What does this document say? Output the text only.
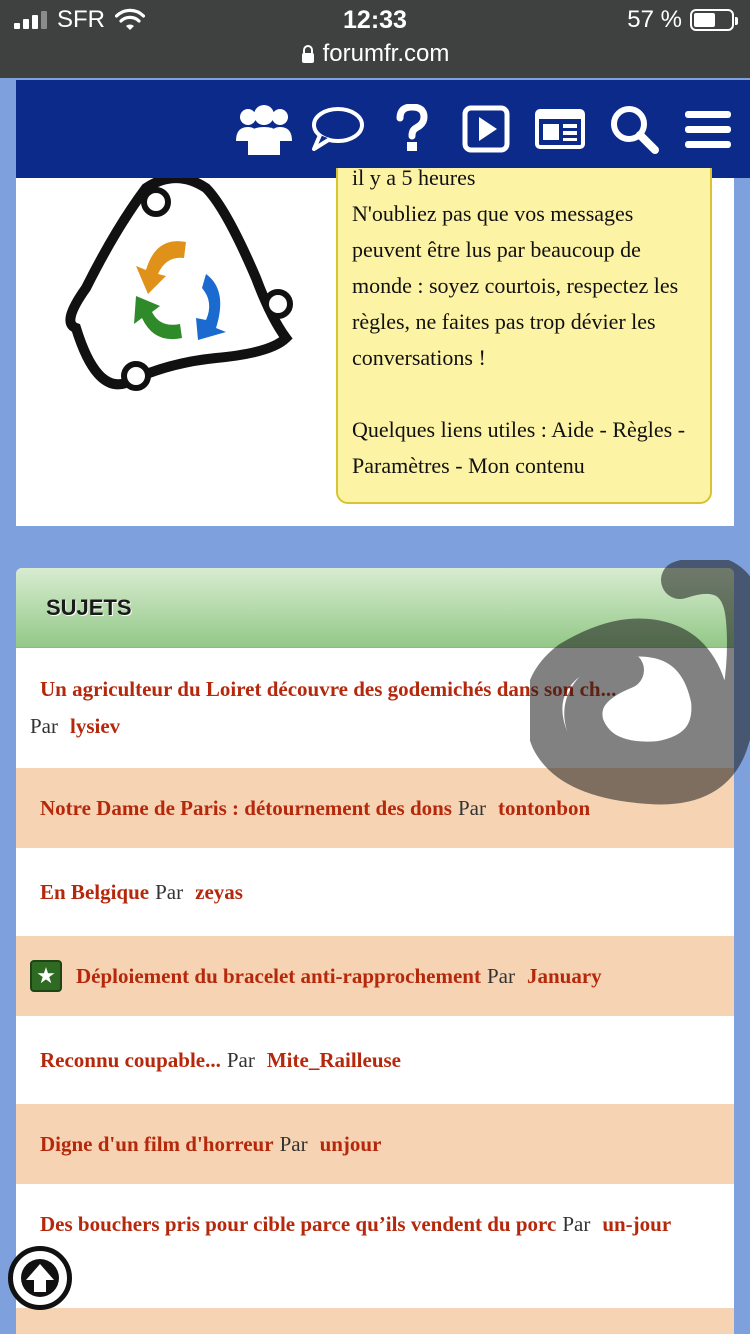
SFR	12:33	57 %
forumfr.com

il y a 5 heures

N'oubliez pas que vos messages peuvent être lus par beaucoup de monde : soyez courtois, respectez les règles, ne faites pas trop dévier les conversations !

Quelques liens utiles : Aide - Règles - Paramètres - Mon contenu

SUJETS
Un agriculteur du Loiret découvre des godemichés dans son ch...
Par lysiev
Notre Dame de Paris : détournement des dons Par tontonbon
En Belgique Par zeyas
★ Déploiement du bracelet anti-rapprochement Par January
Reconnu coupable... Par Mite_Railleuse
Digne d'un film d'horreur Par unjour
Des bouchers pris pour cible parce qu’ils vendent du porc Par un-jour
